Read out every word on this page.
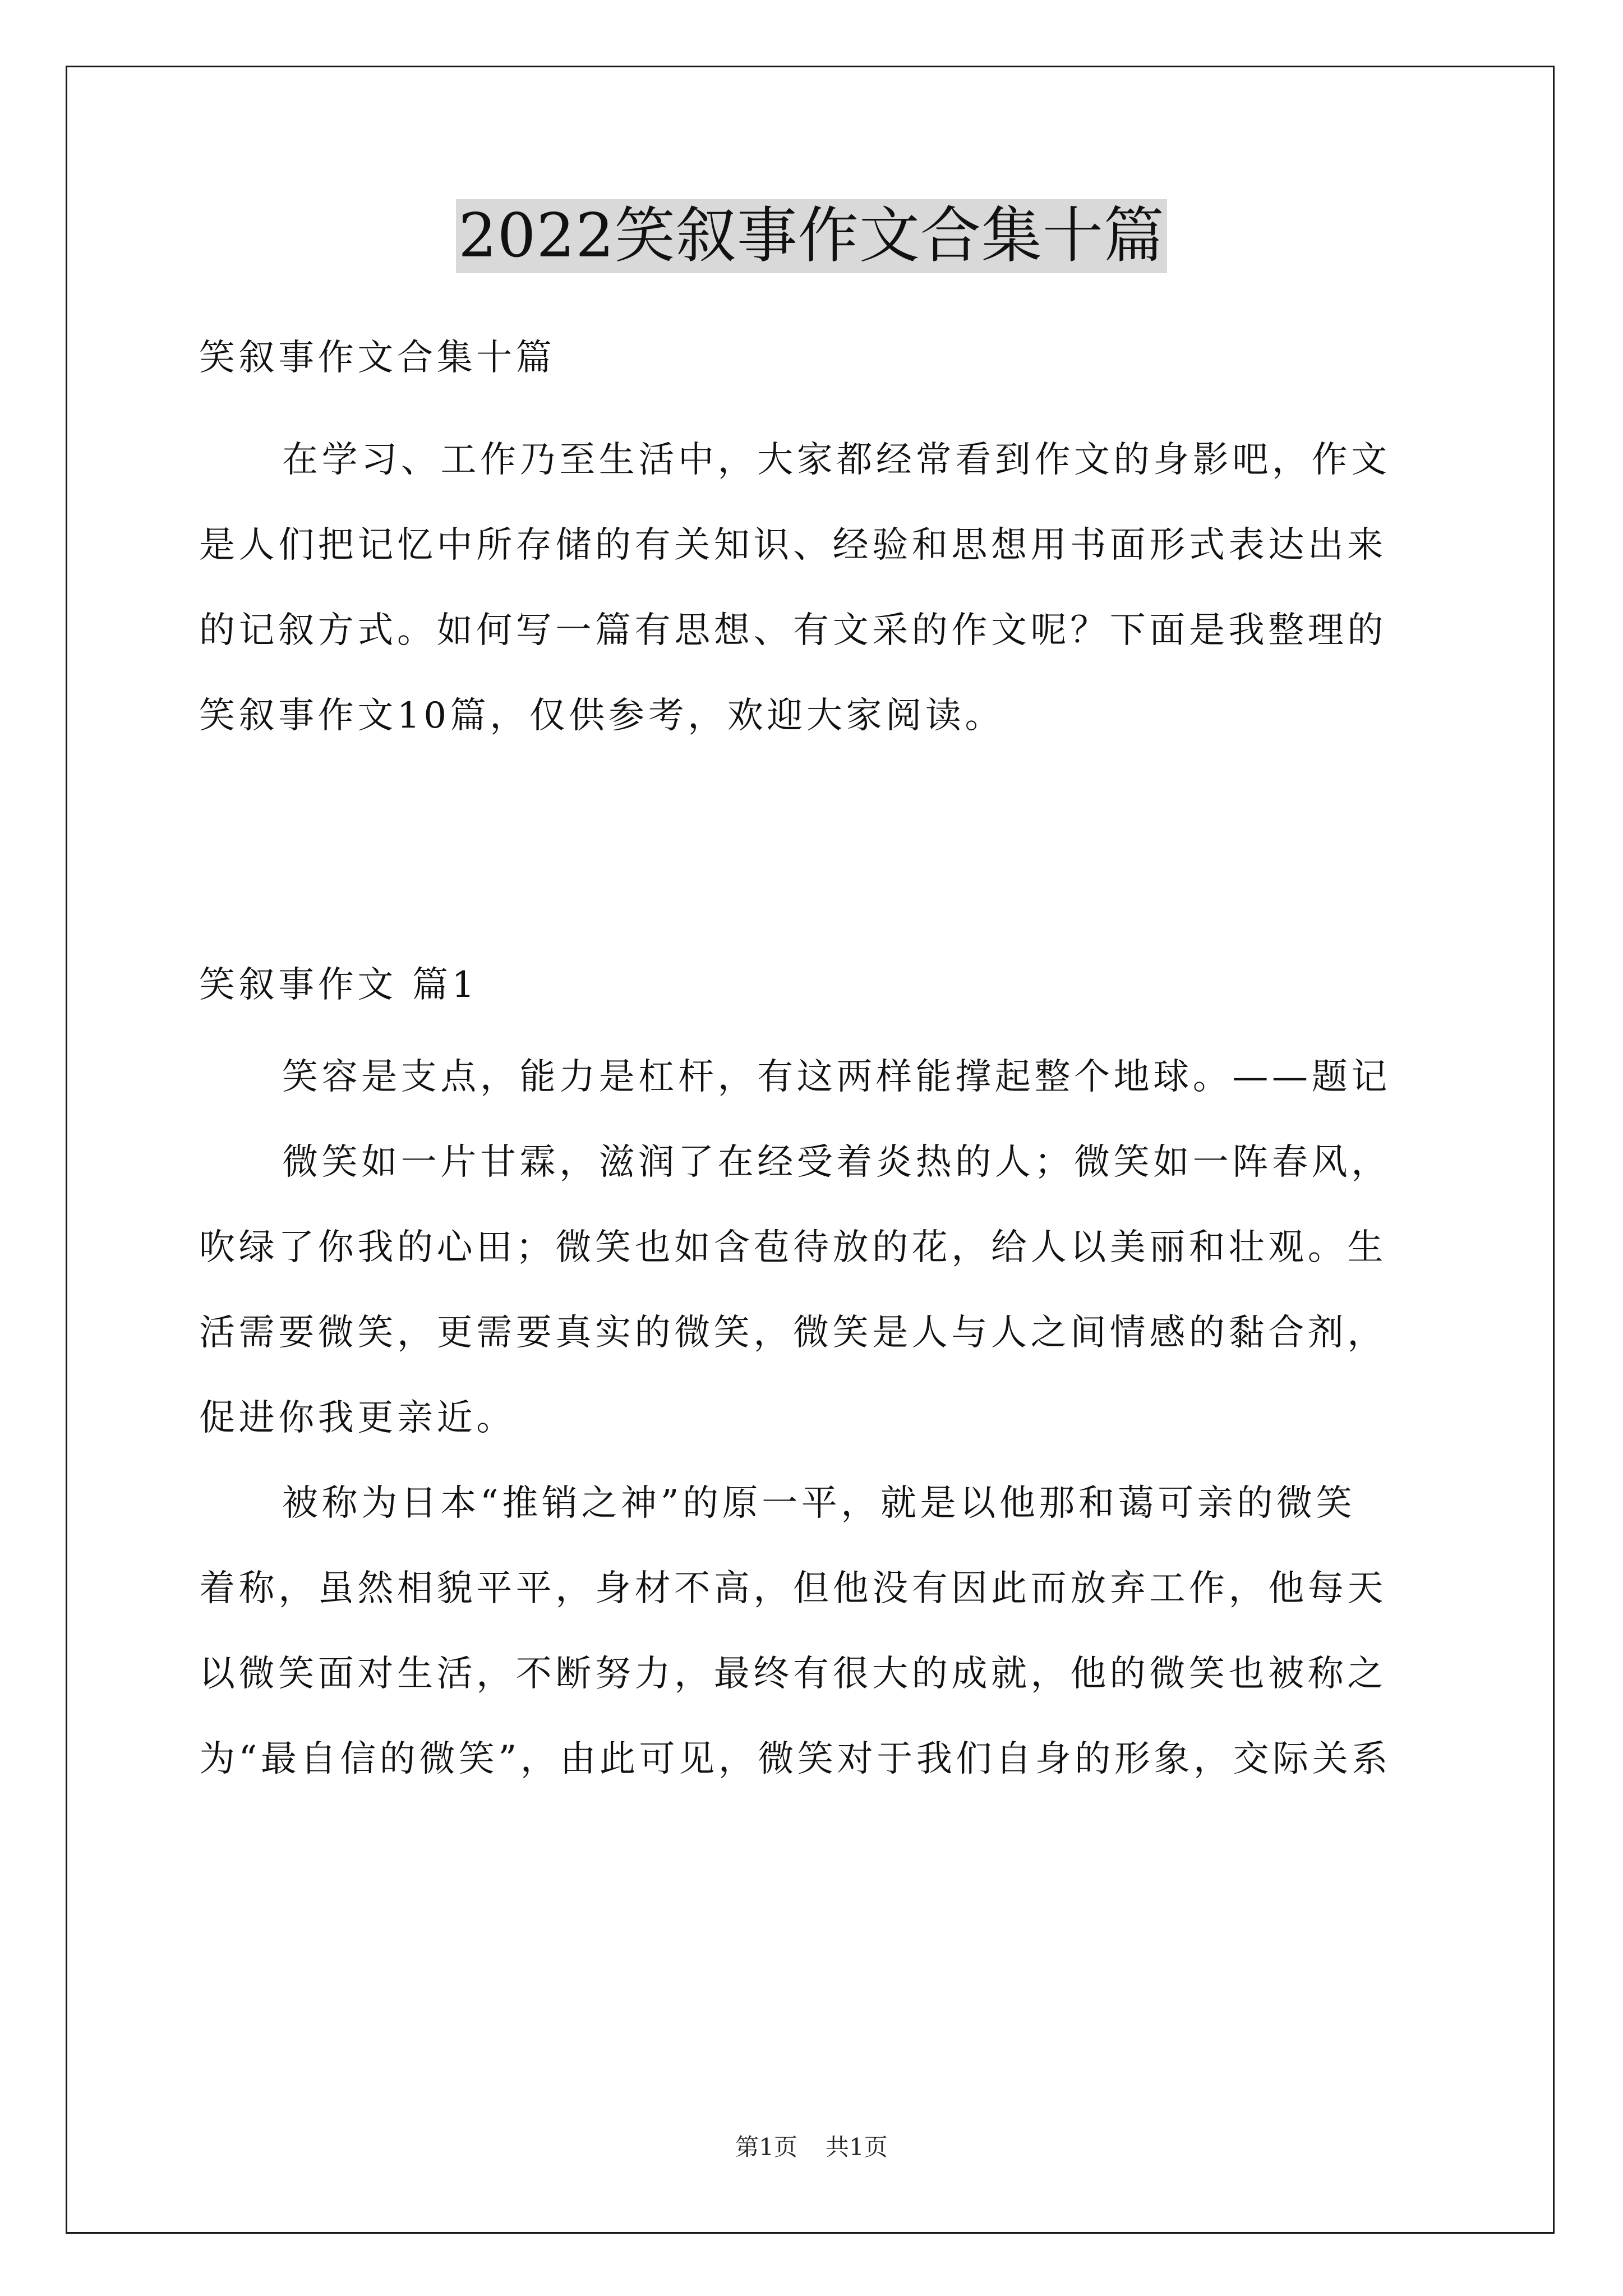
2022笑叙事作文合集十篇
笑叙事作文合集十篇
在学习、工作乃至生活中，大家都经常看到作文的身影吧，作文
是人们把记忆中所存储的有关知识、经验和思想用书面形式表达出来
的记叙方式。如何写一篇有思想、有文采的作文呢？下面是我整理的
笑叙事作文10篇，仅供参考，欢迎大家阅读。
笑叙事作文 篇1
笑容是支点，能力是杠杆，有这两样能撑起整个地球。——题记
微笑如一片甘霖，滋润了在经受着炎热的人；微笑如一阵春风，
吹绿了你我的心田；微笑也如含苞待放的花，给人以美丽和壮观。生
活需要微笑，更需要真实的微笑，微笑是人与人之间情感的黏合剂，
促进你我更亲近。
被称为日本“推销之神”的原一平，就是以他那和蔼可亲的微笑
着称，虽然相貌平平，身材不高，但他没有因此而放弃工作，他每天
以微笑面对生活，不断努力，最终有很大的成就，他的微笑也被称之
为“最自信的微笑”，由此可见，微笑对于我们自身的形象，交际关系
第1页 共1页
